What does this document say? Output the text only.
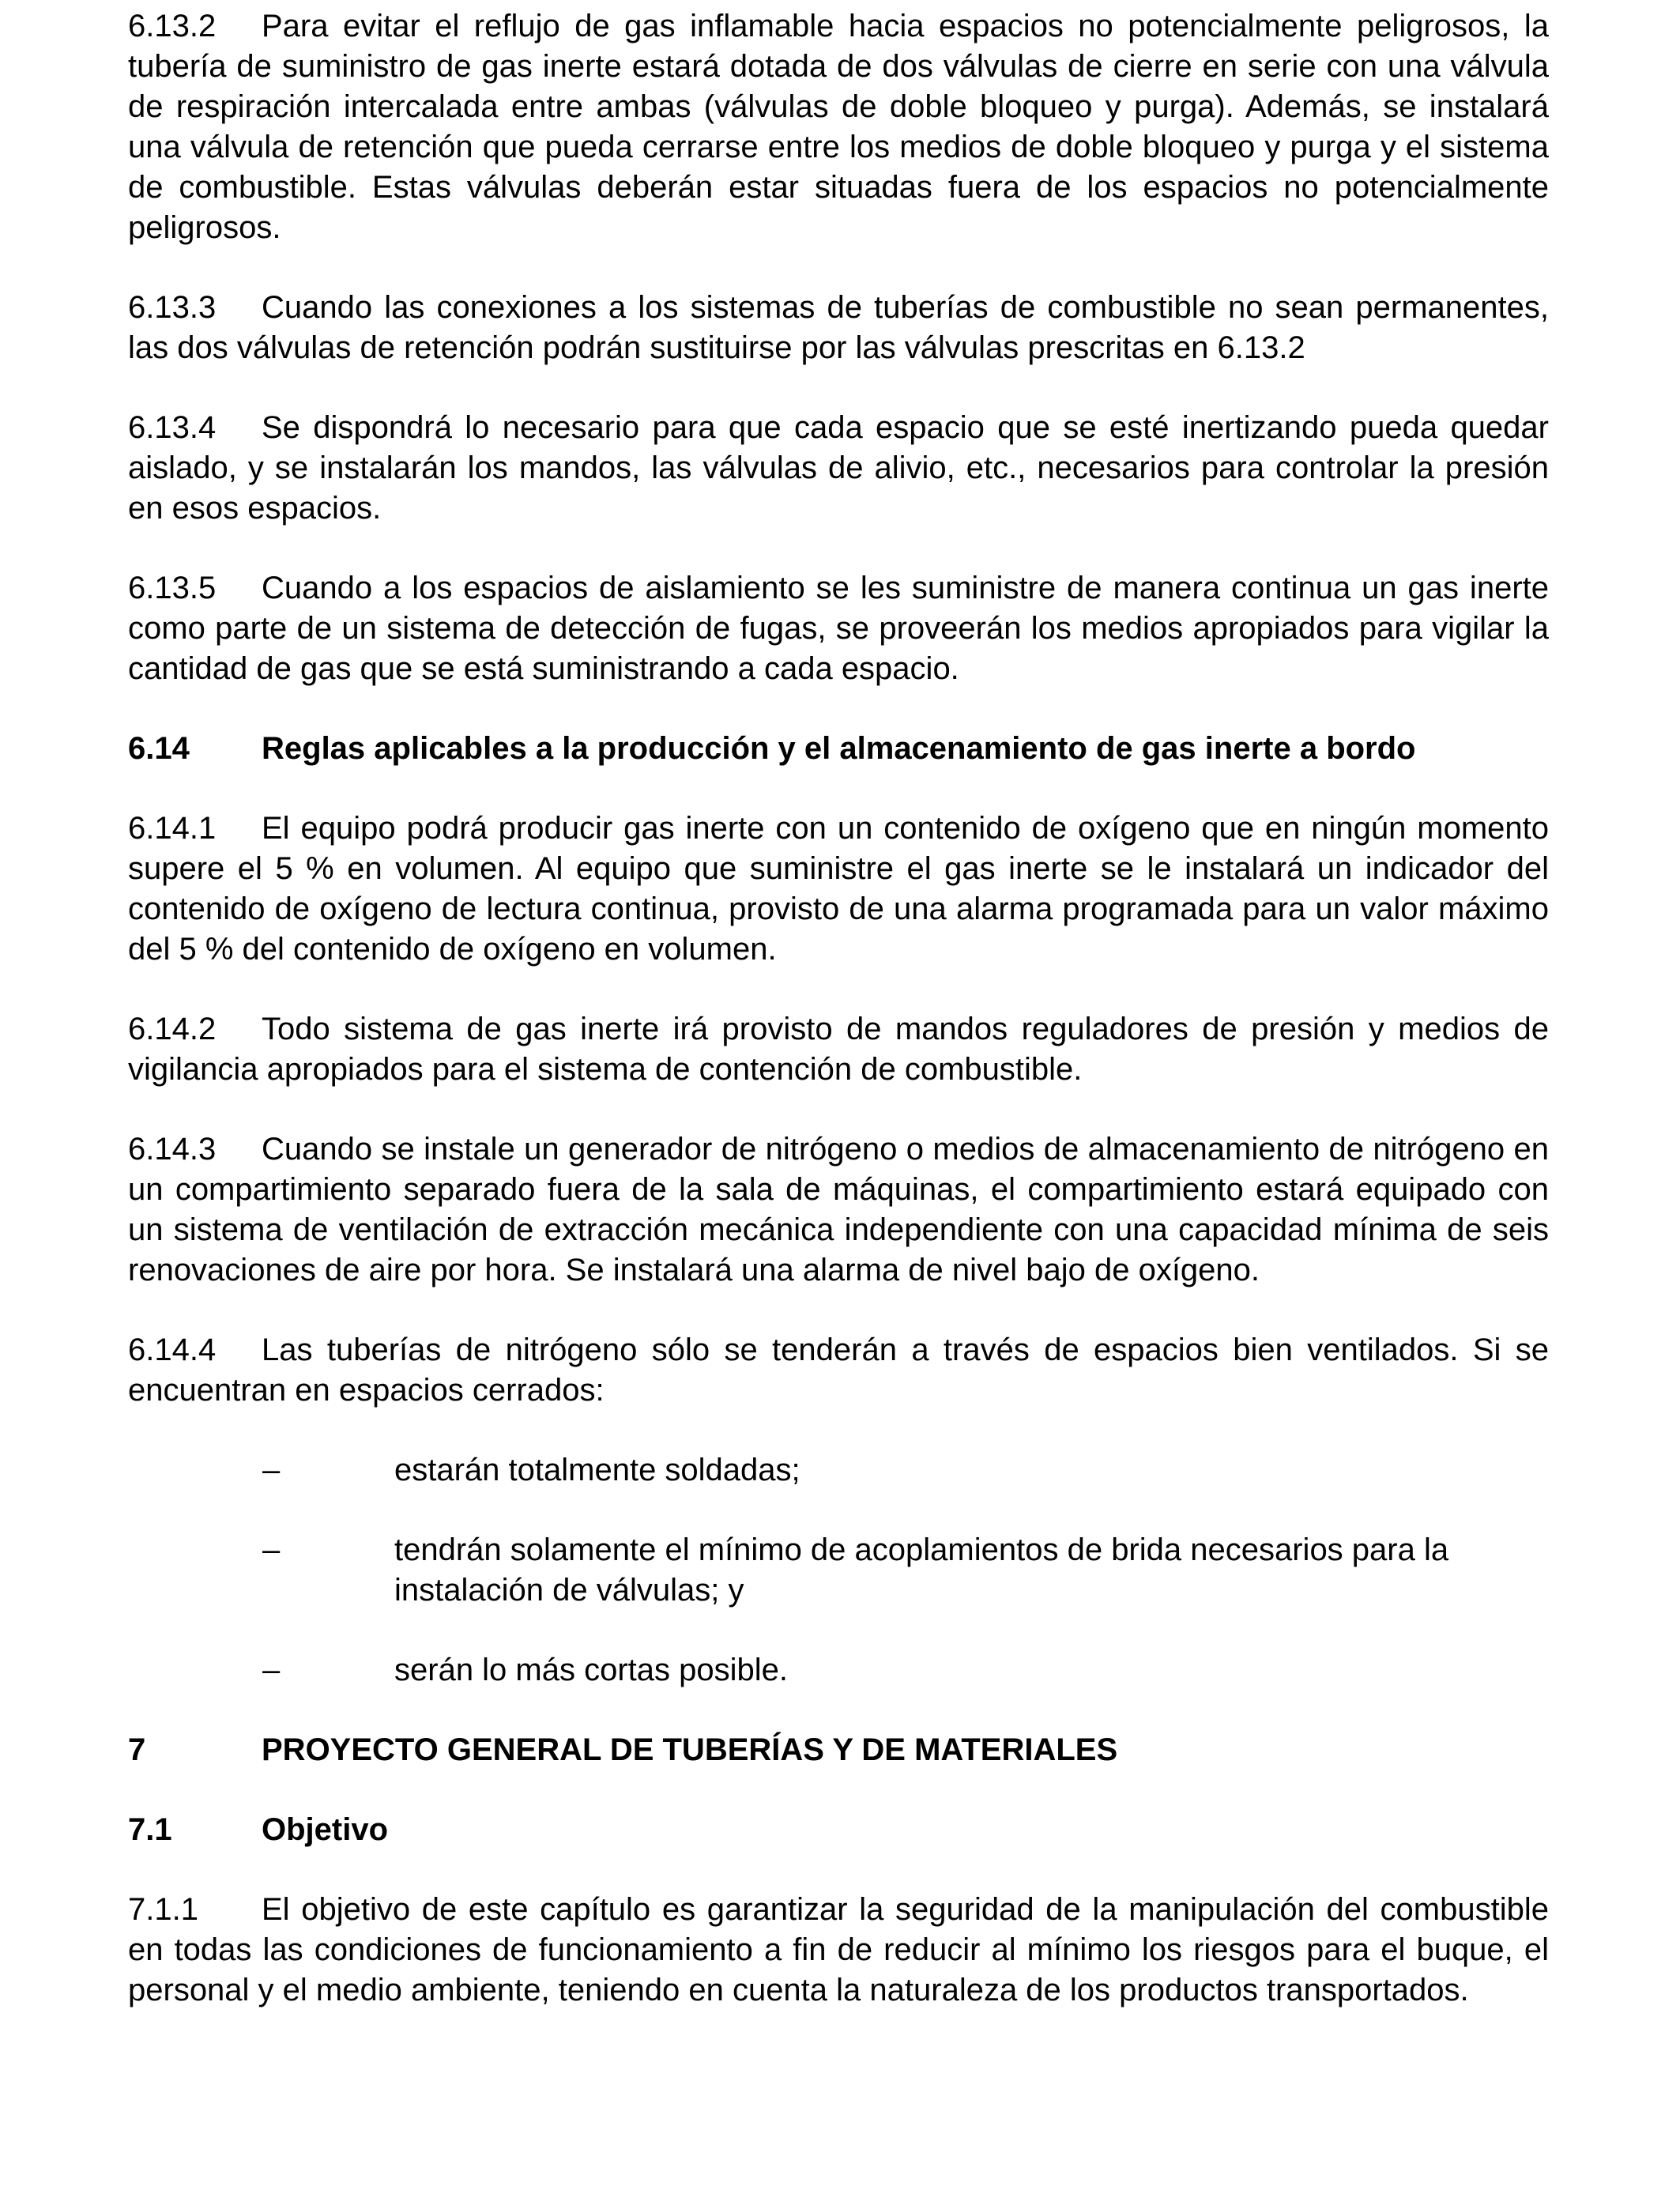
6.13.2 Para evitar el reflujo de gas inflamable hacia espacios no potencialmente peligrosos, la tubería de suministro de gas inerte estará dotada de dos válvulas de cierre en serie con una válvula de respiración intercalada entre ambas (válvulas de doble bloqueo y purga). Además, se instalará una válvula de retención que pueda cerrarse entre los medios de doble bloqueo y purga y el sistema de combustible. Estas válvulas deberán estar situadas fuera de los espacios no potencialmente peligrosos.

6.13.3 Cuando las conexiones a los sistemas de tuberías de combustible no sean permanentes, las dos válvulas de retención podrán sustituirse por las válvulas prescritas en 6.13.2

6.13.4 Se dispondrá lo necesario para que cada espacio que se esté inertizando pueda quedar aislado, y se instalarán los mandos, las válvulas de alivio, etc., necesarios para controlar la presión en esos espacios.

6.13.5 Cuando a los espacios de aislamiento se les suministre de manera continua un gas inerte como parte de un sistema de detección de fugas, se proveerán los medios apropiados para vigilar la cantidad de gas que se está suministrando a cada espacio.

6.14	Reglas aplicables a la producción y el almacenamiento de gas inerte a bordo

6.14.1 El equipo podrá producir gas inerte con un contenido de oxígeno que en ningún momento supere el 5 % en volumen. Al equipo que suministre el gas inerte se le instalará un indicador del contenido de oxígeno de lectura continua, provisto de una alarma programada para un valor máximo del 5 % del contenido de oxígeno en volumen.

6.14.2 Todo sistema de gas inerte irá provisto de mandos reguladores de presión y medios de vigilancia apropiados para el sistema de contención de combustible.

6.14.3 Cuando se instale un generador de nitrógeno o medios de almacenamiento de nitrógeno en un compartimiento separado fuera de la sala de máquinas, el compartimiento estará equipado con un sistema de ventilación de extracción mecánica independiente con una capacidad mínima de seis renovaciones de aire por hora. Se instalará una alarma de nivel bajo de oxígeno.

6.14.4 Las tuberías de nitrógeno sólo se tenderán a través de espacios bien ventilados. Si se encuentran en espacios cerrados:

–	estarán totalmente soldadas;
–	tendrán solamente el mínimo de acoplamientos de brida necesarios para la instalación de válvulas; y
–	serán lo más cortas posible.
7	PROYECTO GENERAL DE TUBERÍAS Y DE MATERIALES
7.1	Objetivo

7.1.1 El objetivo de este capítulo es garantizar la seguridad de la manipulación del combustible en todas las condiciones de funcionamiento a fin de reducir al mínimo los riesgos para el buque, el personal y el medio ambiente, teniendo en cuenta la naturaleza de los productos transportados.
